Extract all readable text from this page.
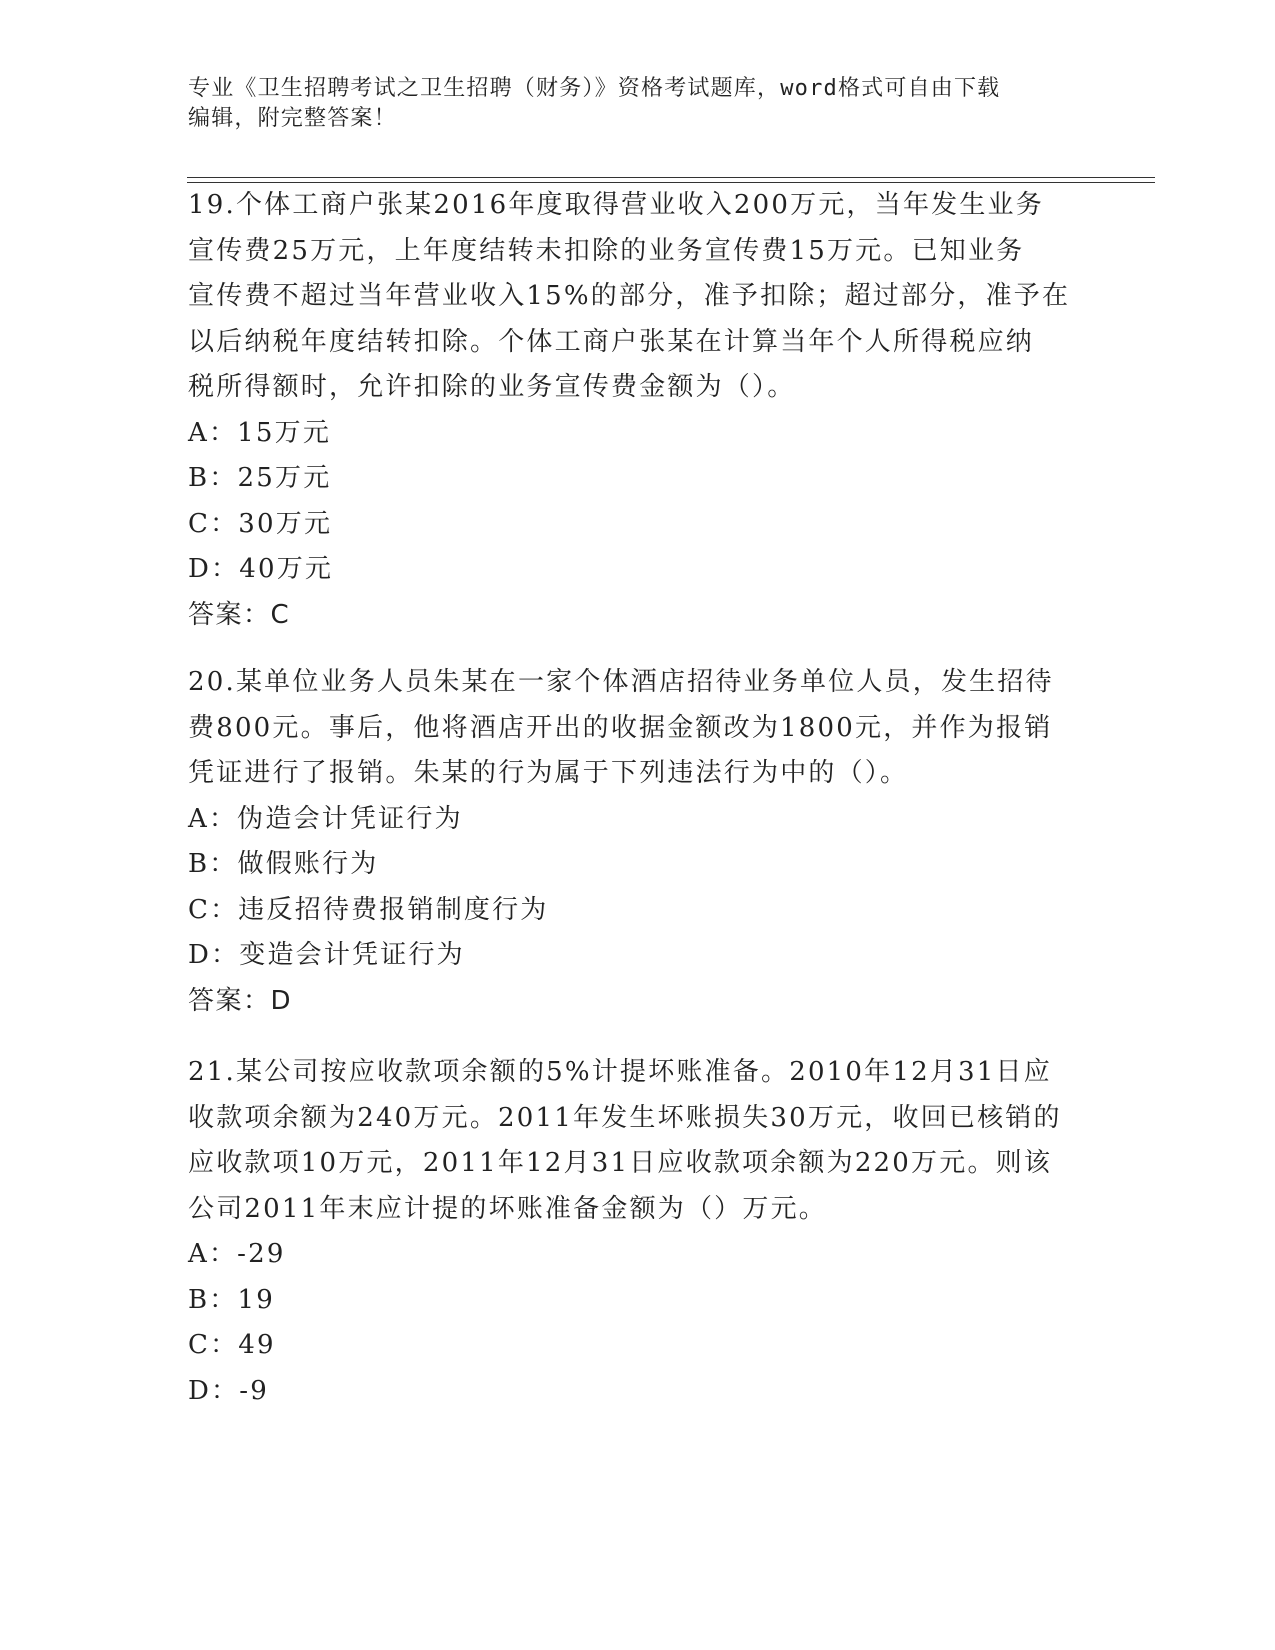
专业《卫生招聘考试之卫生招聘（财务）》资格考试题库，word格式可自由下载
编辑，附完整答案！
19.个体工商户张某2016年度取得营业收入200万元，当年发生业务
宣传费25万元，上年度结转未扣除的业务宣传费15万元。已知业务
宣传费不超过当年营业收入15%的部分，准予扣除；超过部分，准予在
以后纳税年度结转扣除。个体工商户张某在计算当年个人所得税应纳
税所得额时，允许扣除的业务宣传费金额为（）。
A：15万元
B：25万元
C：30万元
D：40万元
答案：C
20.某单位业务人员朱某在一家个体酒店招待业务单位人员，发生招待
费800元。事后，他将酒店开出的收据金额改为1800元，并作为报销
凭证进行了报销。朱某的行为属于下列违法行为中的（）。
A：伪造会计凭证行为
B：做假账行为
C：违反招待费报销制度行为
D：变造会计凭证行为
答案：D
21.某公司按应收款项余额的5%计提坏账准备。2010年12月31日应
收款项余额为240万元。2011年发生坏账损失30万元，收回已核销的
应收款项10万元，2011年12月31日应收款项余额为220万元。则该
公司2011年末应计提的坏账准备金额为（）万元。
A：-29
B：19
C：49
D：-9
